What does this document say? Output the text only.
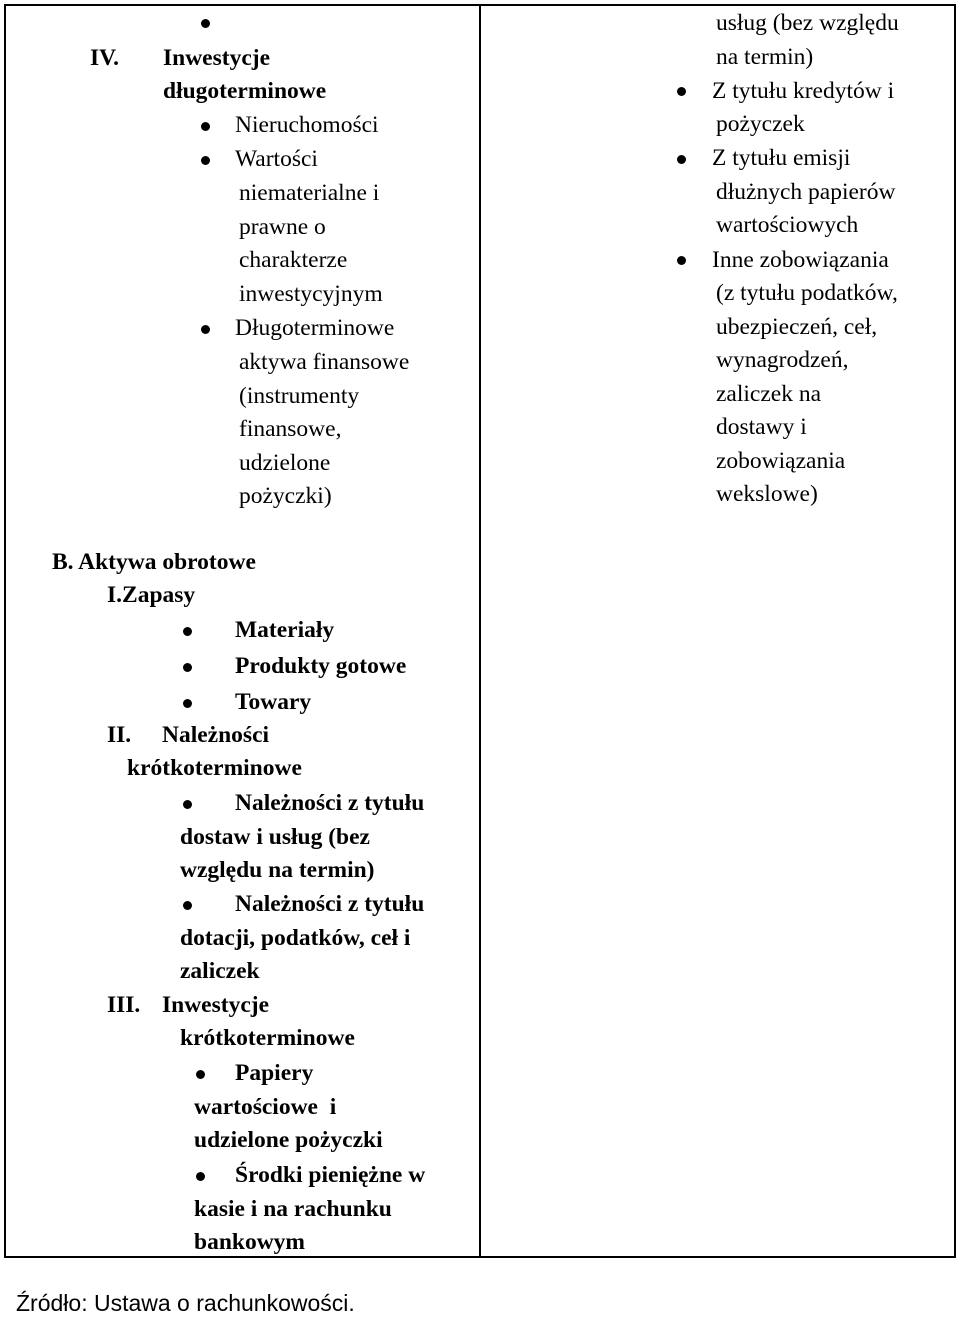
IV. Inwestycje
długoterminowe
Nieruchomości
Wartości
niematerialne i
prawne o
charakterze
inwestycyjnym
Długoterminowe
aktywa finansowe
(instrumenty
finansowe,
udzielone
pożyczki)
usług (bez względu
na termin)
Z tytułu kredytów i
pożyczek
Z tytułu emisji
dłużnych papierów
wartościowych
Inne zobowiązania
(z tytułu podatków,
ubezpieczeń, ceł,
wynagrodzeń,
zaliczek na
dostawy i
zobowiązania
wekslowe)
B. Aktywa obrotowe
I.Zapasy
Materiały
Produkty gotowe
Towary
II. Należności
krótkoterminowe
Należności z tytułu
dostaw i usług (bez
względu na termin)
Należności z tytułu
dotacji, podatków, ceł i
zaliczek
III. Inwestycje
krótkoterminowe
Papiery
wartościowe  i
udzielone pożyczki
Środki pieniężne w
kasie i na rachunku
bankowym
Źródło: Ustawa o rachunkowości.
